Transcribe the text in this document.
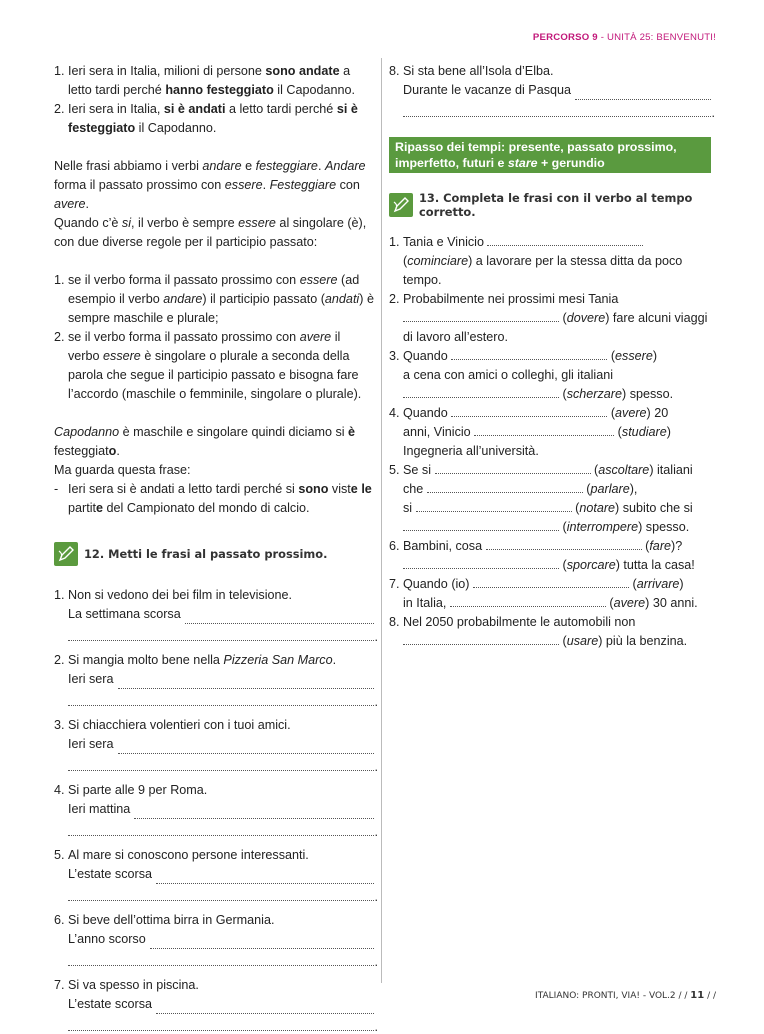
PERCORSO 9 - UNITÀ 25: BENVENUTI!
1. Ieri sera in Italia, milioni di persone sono andate a letto tardi perché hanno festeggiato il Capodanno.
2. Ieri sera in Italia, si è andati a letto tardi perché si è festeggiato il Capodanno.

Nelle frasi abbiamo i verbi andare e festeggiare. Andare forma il passato prossimo con essere. Festeggiare con avere.

Quando c’è si, il verbo è sempre essere al singolare (è), con due diverse regole per il participio passato:

1. se il verbo forma il passato prossimo con essere (ad esempio il verbo andare) il participio passato (andati) è sempre maschile e plurale;
2. se il verbo forma il passato prossimo con avere il verbo essere è singolare o plurale a seconda della parola che segue il participio passato e bisogna fare l’accordo (maschile o femminile, singolare o plurale).

Capodanno è maschile e singolare quindi diciamo si è festeggiato.

Ma guarda questa frase:

- Ieri sera si è andati a letto tardi perché si sono viste le partite del Campionato del mondo di calcio.
12. Metti le frasi al passato prossimo.
1. Non si vedono dei bei film in televisione.
La settimana scorsa
.
2. Si mangia molto bene nella Pizzeria San Marco.
Ieri sera
.
3. Si chiacchiera volentieri con i tuoi amici.
Ieri sera
.
4. Si parte alle 9 per Roma.
Ieri mattina
.
5. Al mare si conoscono persone interessanti.
L’estate scorsa
.
6. Si beve dell’ottima birra in Germania.
L’anno scorso
.
7. Si va spesso in piscina.
L’estate scorsa
.
8. Si sta bene all’Isola d’Elba.
Durante le vacanze di Pasqua
.
Ripasso dei tempi: presente, passato prossimo, imperfetto, futuri e stare + gerundio
13. Completa le frasi con il verbo al tempo corretto.
1. Tania e Vinicio
(cominciare) a lavorare per la stessa ditta da poco tempo.
2. Probabilmente nei prossimi mesi Tania
(dovere) fare alcuni viaggi di lavoro all’estero.
3. Quando	(essere)
a cena con amici o colleghi, gli italiani
(scherzare) spesso.
4. Quando	(avere) 20
anni, Vinicio	(studiare)
Ingegneria all’università.
5. Se si	(ascoltare) italiani
che	(parlare),
si	(notare) subito che si
(interrompere) spesso.
6. Bambini, cosa	(fare)?
(sporcare) tutta la casa!
7. Quando (io)	(arrivare)
in Italia,	(avere) 30 anni.
8. Nel 2050 probabilmente le automobili non
(usare) più la benzina.
ITALIANO: PRONTI, VIA! - VOL.2 / / 11 / /
